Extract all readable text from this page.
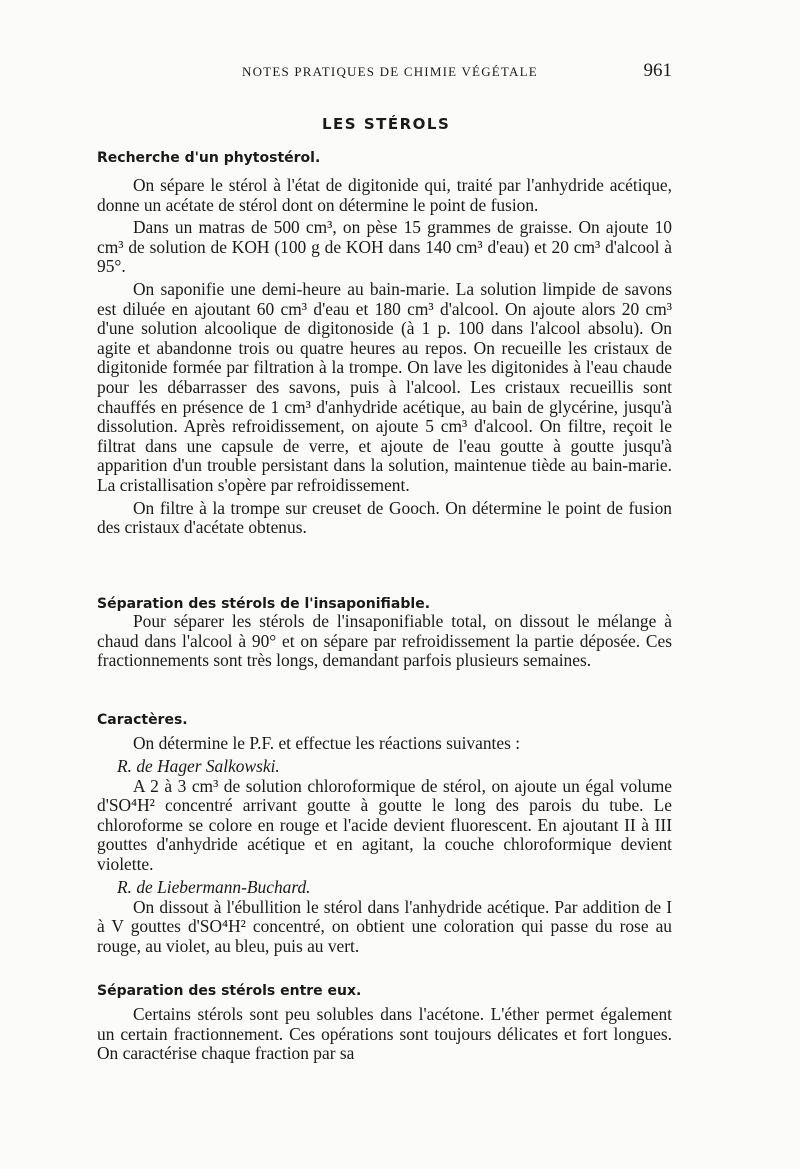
NOTES PRATIQUES DE CHIMIE VÉGÉTALE	961
LES STÉROLS
Recherche d'un phytostérol.

On sépare le stérol à l'état de digitonide qui, traité par l'anhydride acétique, donne un acétate de stérol dont on détermine le point de fusion.

Dans un matras de 500 cm³, on pèse 15 grammes de graisse. On ajoute 10 cm³ de solution de KOH (100 g de KOH dans 140 cm³ d'eau) et 20 cm³ d'alcool à 95°.

On saponifie une demi-heure au bain-marie. La solution limpide de savons est diluée en ajoutant 60 cm³ d'eau et 180 cm³ d'alcool. On ajoute alors 20 cm³ d'une solution alcoolique de digitonoside (à 1 p. 100 dans l'alcool absolu). On agite et abandonne trois ou quatre heures au repos. On recueille les cristaux de digitonide formée par filtration à la trompe. On lave les digitonides à l'eau chaude pour les débarrasser des savons, puis à l'alcool. Les cristaux recueillis sont chauffés en présence de 1 cm³ d'anhydride acétique, au bain de glycérine, jusqu'à dissolution. Après refroidissement, on ajoute 5 cm³ d'alcool. On filtre, reçoit le filtrat dans une capsule de verre, et ajoute de l'eau goutte à goutte jusqu'à apparition d'un trouble persistant dans la solution, maintenue tiède au bain-marie. La cristallisation s'opère par refroidissement.

On filtre à la trompe sur creuset de Gooch. On détermine le point de fusion des cristaux d'acétate obtenus.

Séparation des stérols de l'insaponifiable.

Pour séparer les stérols de l'insaponifiable total, on dissout le mélange à chaud dans l'alcool à 90° et on sépare par refroidissement la partie déposée. Ces fractionnements sont très longs, demandant parfois plusieurs semaines.

Caractères.

On détermine le P.F. et effectue les réactions suivantes :

R. de Hager Salkowski.

A 2 à 3 cm³ de solution chloroformique de stérol, on ajoute un égal volume d'SO⁴H² concentré arrivant goutte à goutte le long des parois du tube. Le chloroforme se colore en rouge et l'acide devient fluorescent. En ajoutant II à III gouttes d'anhydride acétique et en agitant, la couche chloroformique devient violette.

R. de Liebermann-Buchard.

On dissout à l'ébullition le stérol dans l'anhydride acétique. Par addition de I à V gouttes d'SO⁴H² concentré, on obtient une coloration qui passe du rose au rouge, au violet, au bleu, puis au vert.

Séparation des stérols entre eux.

Certains stérols sont peu solubles dans l'acétone. L'éther permet également un certain fractionnement. Ces opérations sont toujours délicates et fort longues. On caractérise chaque fraction par sa
